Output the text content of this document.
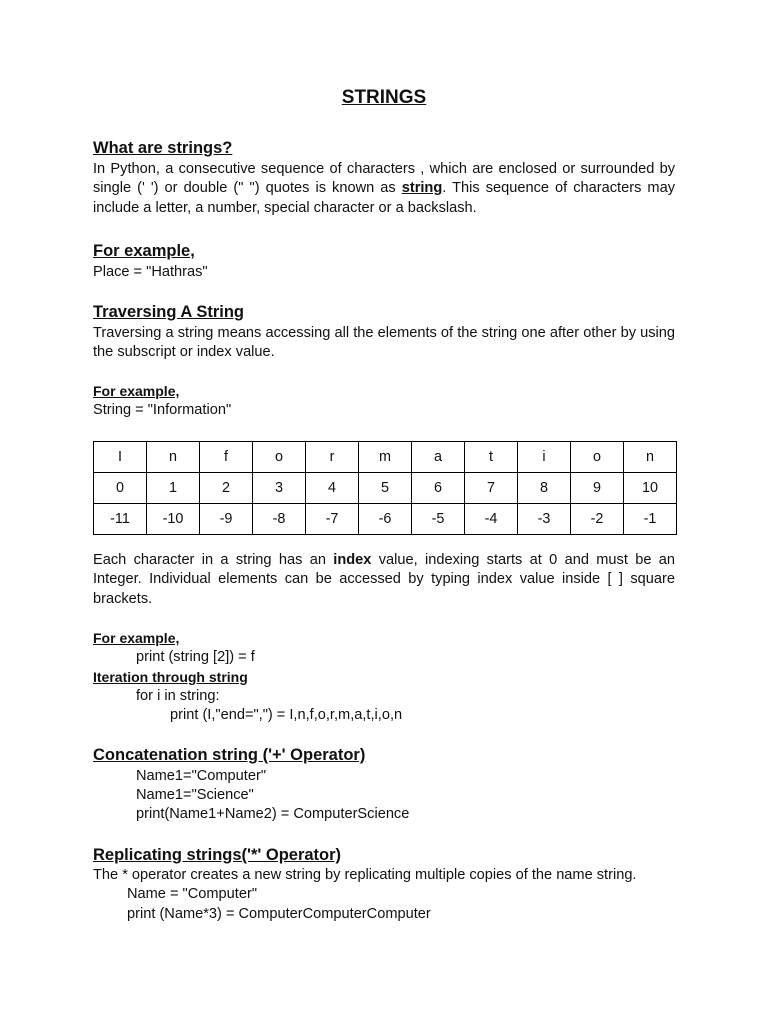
STRINGS
What are strings?
In Python, a consecutive sequence of characters , which are enclosed or surrounded by single (' ') or double (" ") quotes is known as string. This sequence of characters may include a letter, a number, special character or a backslash.
For example,
Place = "Hathras"
Traversing A String
Traversing a string means accessing all the elements of the string one after other by using the subscript or index value.
For example,
String = "Information"
I	n	f	o	r	m	a	t	i	o	n
0	1	2	3	4	5	6	7	8	9	10
-11	-10	-9	-8	-7	-6	-5	-4	-3	-2	-1
Each character in a string has an index value, indexing starts at 0 and must be an Integer. Individual elements can be accessed by typing index value inside [ ] square brackets.
For example,
print (string [2]) = f
Iteration through string
for i in string:
print (I,"end=",") = I,n,f,o,r,m,a,t,i,o,n
Concatenation string ('+' Operator)
Name1="Computer"
Name1="Science"
print(Name1+Name2) = ComputerScience
Replicating strings('*' Operator)
The * operator creates a new string by replicating multiple copies of the name string.
Name = "Computer"
print (Name*3) = ComputerComputerComputer
